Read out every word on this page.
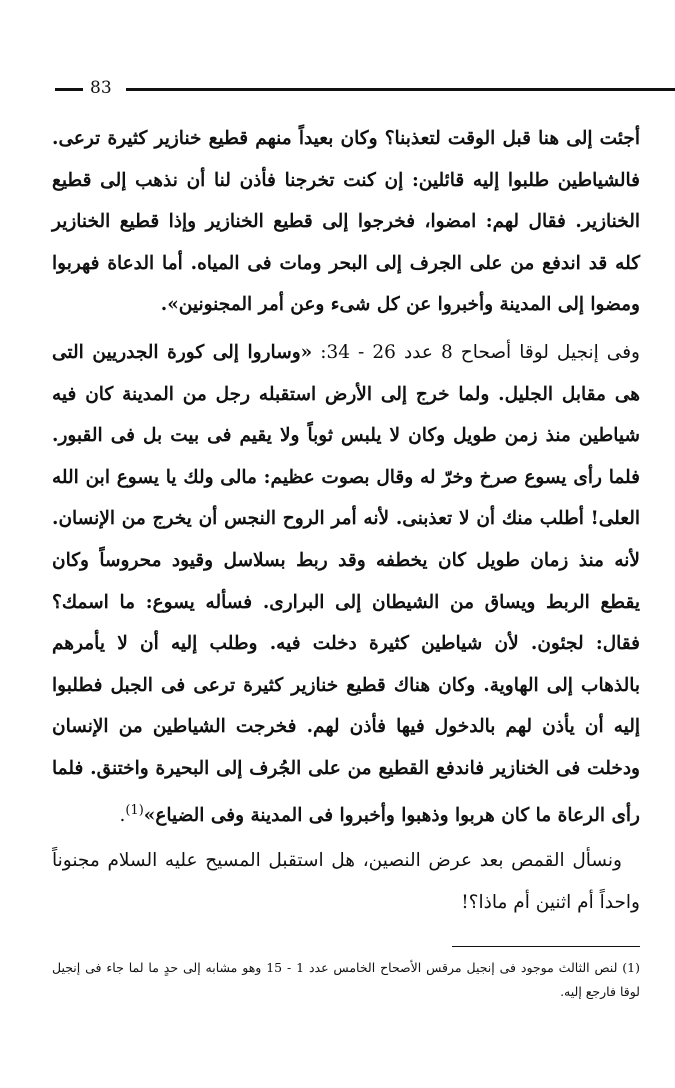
83

أجئت إلى هنا قبل الوقت لتعذبنا؟ وكان بعيداً منهم قطيع خنازير كثيرة ترعى. فالشياطين طلبوا إليه قائلين: إن كنت تخرجنا فأذن لنا أن نذهب إلى قطيع الخنازير. فقال لهم: امضوا، فخرجوا إلى قطيع الخنازير وإذا قطيع الخنازير كله قد اندفع من على الجرف إلى البحر ومات فى المياه. أما الدعاة فهربوا ومضوا إلى المدينة وأخبروا عن كل شىء وعن أمر المجنونين».

وفى إنجيل لوقا أصحاح 8 عدد 26 - 34: «وساروا إلى كورة الجدريين التى هى مقابل الجليل. ولما خرج إلى الأرض استقبله رجل من المدينة كان فيه شياطين منذ زمن طويل وكان لا يلبس ثوباً ولا يقيم فى بيت بل فى القبور. فلما رأى يسوع صرخ وخرّ له وقال بصوت عظيم: مالى ولك يا يسوع ابن الله العلى! أطلب منك أن لا تعذبنى. لأنه أمر الروح النجس أن يخرج من الإنسان. لأنه منذ زمان طويل كان يخطفه وقد ربط بسلاسل وقيود محروساً وكان يقطع الربط ويساق من الشيطان إلى البرارى. فسأله يسوع: ما اسمك؟ فقال: لجئون. لأن شياطين كثيرة دخلت فيه. وطلب إليه أن لا يأمرهم بالذهاب إلى الهاوية. وكان هناك قطيع خنازير كثيرة ترعى فى الجبل فطلبوا إليه أن يأذن لهم بالدخول فيها فأذن لهم. فخرجت الشياطين من الإنسان ودخلت فى الخنازير فاندفع القطيع من على الجُرف إلى البحيرة واختنق. فلما رأى الرعاة ما كان هربوا وذهبوا وأخبروا فى المدينة وفى الضياع»$^{(1)}$.

ونسأل القمص بعد عرض النصين، هل استقبل المسيح عليه السلام مجنوناً واحداً أم اثنين أم ماذا؟!

(1) لنص الثالث موجود فى إنجيل مرقس الأصحاح الخامس عدد 1 - 15 وهو مشابه إلى حدٍ ما لما جاء فى إنجيل لوقا فارجع إليه.
